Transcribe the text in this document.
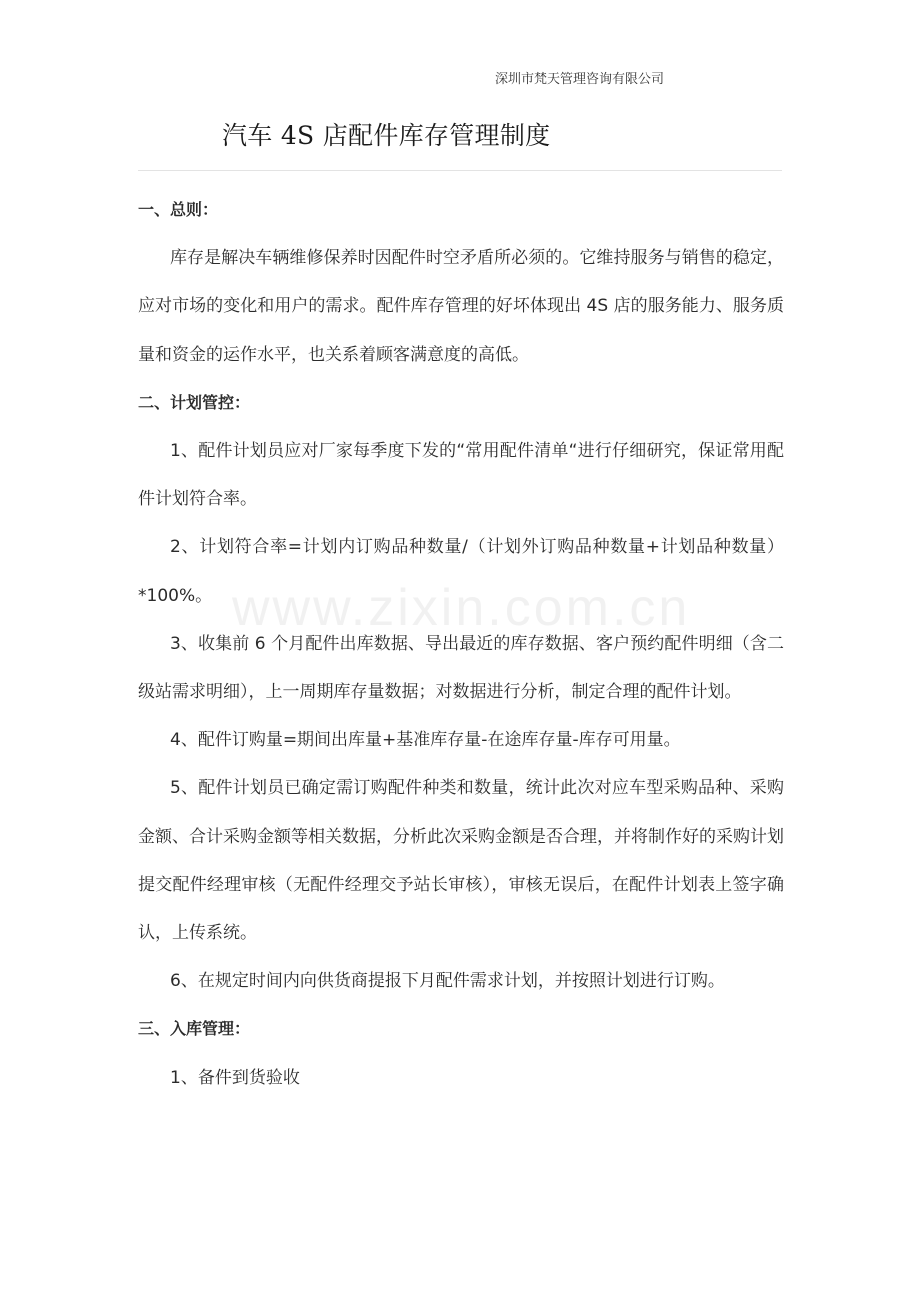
深圳市梵天管理咨询有限公司
汽车 4S 店配件库存管理制度
www.zixin.com.cn

一、总则：

库存是解决车辆维修保养时因配件时空矛盾所必须的。它维持服务与销售的稳定，应对市场的变化和用户的需求。配件库存管理的好坏体现出 4S 店的服务能力、服务质量和资金的运作水平，也关系着顾客满意度的高低。

二、计划管控：

1、配件计划员应对厂家每季度下发的“常用配件清单“进行仔细研究，保证常用配件计划符合率。

2、计划符合率=计划内订购品种数量/（计划外订购品种数量+计划品种数量）*100%。

3、收集前 6 个月配件出库数据、导出最近的库存数据、客户预约配件明细（含二级站需求明细），上一周期库存量数据；对数据进行分析，制定合理的配件计划。

4、配件订购量=期间出库量+基准库存量-在途库存量-库存可用量。

5、配件计划员已确定需订购配件种类和数量，统计此次对应车型采购品种、采购金额、合计采购金额等相关数据，分析此次采购金额是否合理，并将制作好的采购计划提交配件经理审核（无配件经理交予站长审核），审核无误后，在配件计划表上签字确认，上传系统。

6、在规定时间内向供货商提报下月配件需求计划，并按照计划进行订购。

三、入库管理：

1、备件到货验收
